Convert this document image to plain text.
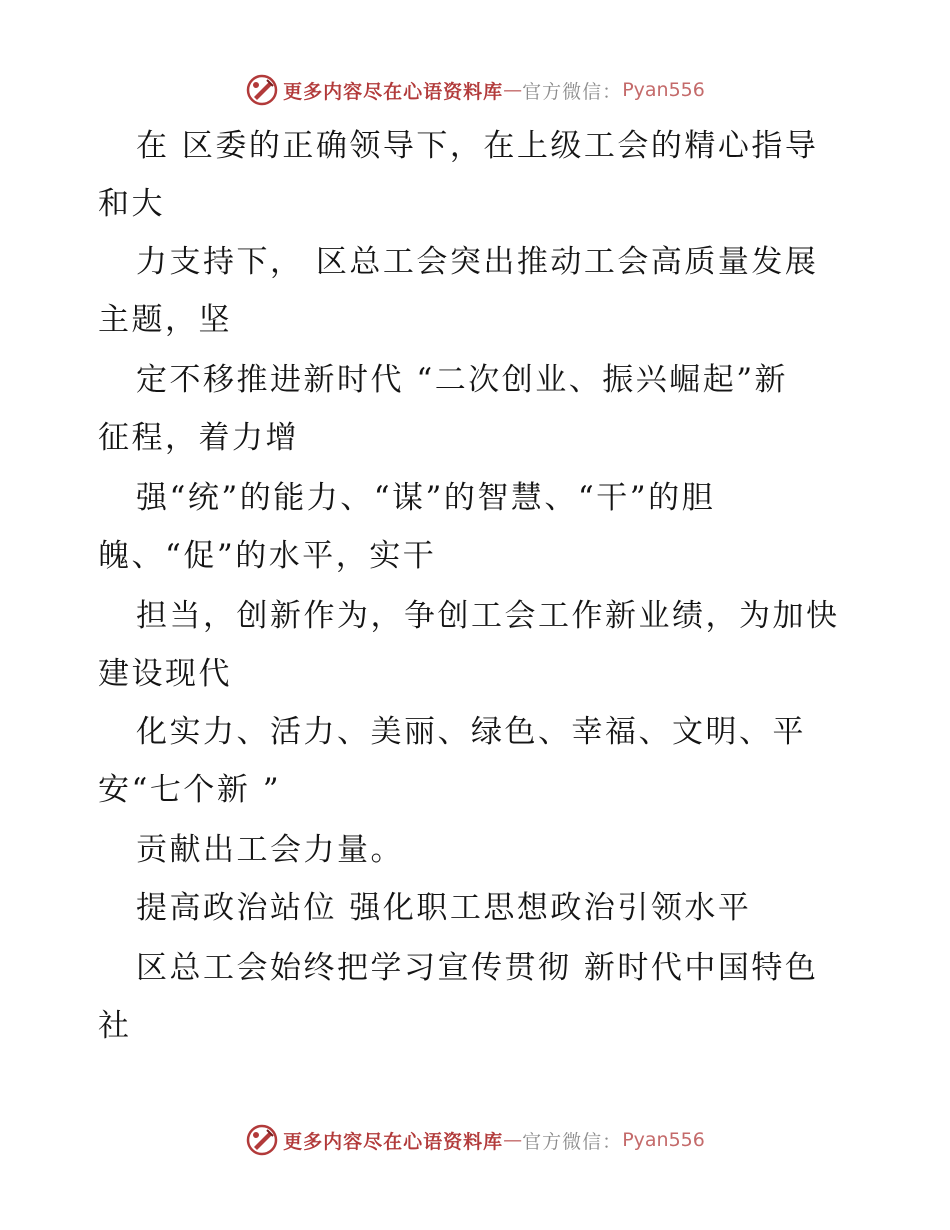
更多内容尽在心语资料库 — 官方微信： Pyan556
在 区委的正确领导下，在上级工会的精心指导
和大
力支持下， 区总工会突出推动工会高质量发展
主题，坚
定不移推进新时代 “二次创业、振兴崛起”新
征程，着力增
强“统”的能力、“谋”的智慧、“干”的胆
魄、“促”的水平，实干
担当，创新作为，争创工会工作新业绩，为加快
建设现代
化实力、活力、美丽、绿色、幸福、文明、平
安“七个新 ”
贡献出工会力量。
提高政治站位 强化职工思想政治引领水平
区总工会始终把学习宣传贯彻 新时代中国特色
社
更多内容尽在心语资料库 — 官方微信： Pyan556
